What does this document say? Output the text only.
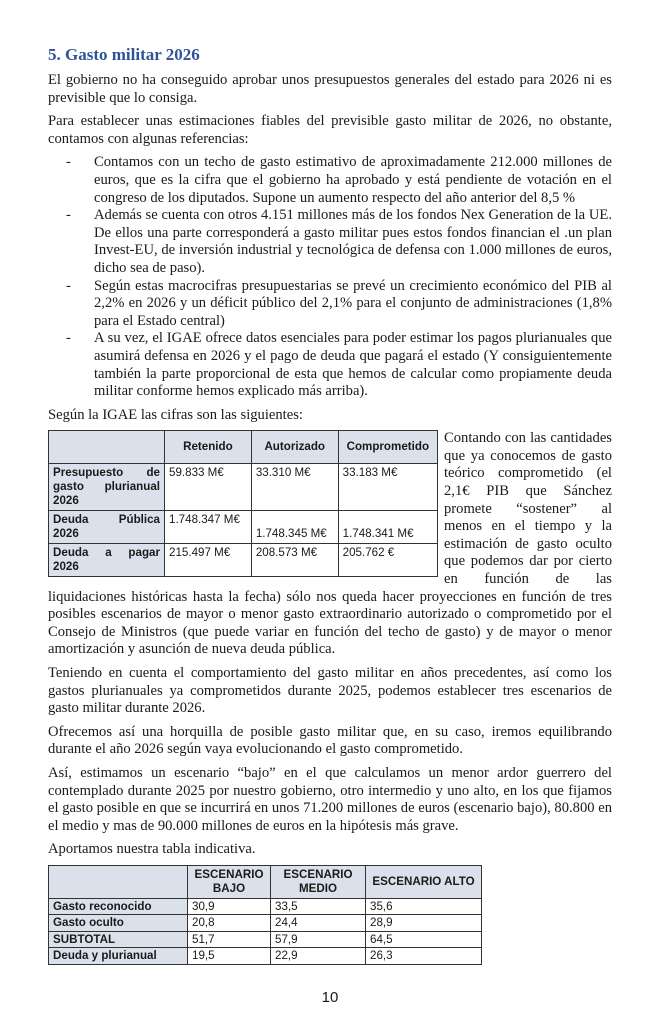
5. Gasto militar 2026

El gobierno no ha conseguido aprobar unos presupuestos generales del estado para 2026 ni es previsible que lo consiga.

Para establecer unas estimaciones fiables del previsible gasto militar de 2026, no obstante, contamos con algunas referencias:

- Contamos con un techo de gasto estimativo de aproximadamente 212.000 millones de euros, que es la cifra que el gobierno ha aprobado y está pendiente de votación en el congreso de los diputados. Supone un aumento respecto del año anterior del 8,5 %
- Además se cuenta con otros 4.151 millones más de los fondos Nex Generation de la UE. De ellos una parte corresponderá a gasto militar pues estos fondos financian el .un plan Invest-EU, de inversión industrial y tecnológica de defensa con 1.000 millones de euros, dicho sea de paso).
- Según estas macrocifras presupuestarias se prevé un crecimiento económico del PIB al 2,2% en 2026 y un déficit público del 2,1% para el conjunto de administraciones (1,8% para el Estado central)
- A su vez, el IGAE ofrece datos esenciales para poder estimar los pagos plurianuales que asumirá defensa en 2026 y el pago de deuda que pagará el estado (Y consiguientemente también la parte proporcional de esta que hemos de calcular como propiamente deuda militar conforme hemos explicado más arriba).

Según la IGAE las cifras son las siguientes:

	Retenido	Autorizado	Comprometido
Presupuesto de gasto plurianual 2026	59.833 M€	33.310 M€	33.183 M€
Deuda Pública 2026	1.748.347 M€	1.748.345 M€	1.748.341 M€
Deuda a pagar 2026	215.497 M€	208.573 M€	205.762 €
Contando con las cantidades que ya conocemos de gasto teórico comprometido (el 2,1€ PIB que Sánchez promete “sostener” al menos en el tiempo y la estimación de gasto oculto que podemos dar por cierto en función de las liquidaciones históricas hasta la fecha) sólo nos queda hacer proyecciones en función de tres posibles escenarios de mayor o menor gasto extraordinario autorizado o comprometido por el Consejo de Ministros (que puede variar en función del techo de gasto) y de mayor o menor amortización y asunción de nueva deuda pública.

Teniendo en cuenta el comportamiento del gasto militar en años precedentes, así como los gastos plurianuales ya comprometidos durante 2025, podemos establecer tres escenarios de gasto militar durante 2026.

Ofrecemos así una horquilla de posible gasto militar que, en su caso, iremos equilibrando durante el año 2026 según vaya evolucionando el gasto comprometido.

Así, estimamos un escenario “bajo” en el que calculamos un menor ardor guerrero del contemplado durante 2025 por nuestro gobierno, otro intermedio y uno alto, en los que fijamos el gasto posible en que se incurrirá en unos 71.200 millones de euros (escenario bajo), 80.800 en el medio y mas de 90.000 millones de euros en la hipótesis más grave.

Aportamos nuestra tabla indicativa.

	ESCENARIO BAJO	ESCENARIO MEDIO	ESCENARIO ALTO
Gasto reconocido	30,9	33,5	35,6
Gasto oculto	20,8	24,4	28,9
SUBTOTAL	51,7	57,9	64,5
Deuda y plurianual	19,5	22,9	26,3
10
